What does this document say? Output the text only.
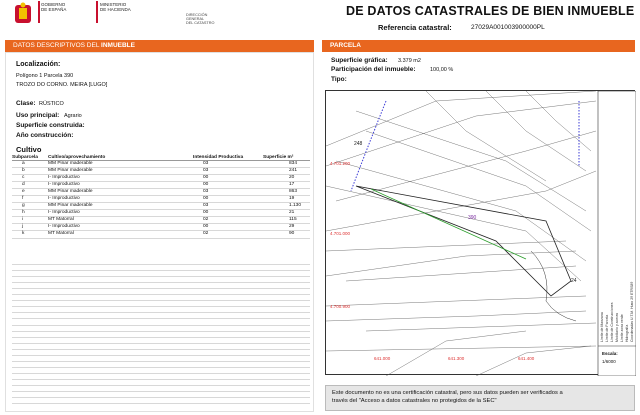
GOBIERNO
DE ESPAÑA
MINISTERIO
DE HACIENDA
DIRECCIÓN GENERAL
DEL CATASTRO
DE DATOS CATASTRALES DE BIEN INMUEBLE
Referencia catastral:	27029A001003900000PL
DATOS DESCRIPTIVOS DEL INMUEBLE
Localización:
Polígono 1 Parcela 390
TROZO DO CORNO. MEIRA [LUGO]
Clase: RÚSTICO
Uso principal: Agrario
Superficie construida:
Año construcción:
Cultivo
Subparcela	Cultivo/aprovechamiento	Intensidad Productiva	Superficie m²
a	MM Pinar maderable	03	834
b	MM Pinar maderable	03	241
c	I- Improductivo	00	20
d	I- Improductivo	00	17
e	MM Pinar maderable	03	863
f	I- Improductivo	00	19
g	MM Pinar maderable	03	1.130
h	I- Improductivo	00	21
i	MT Matorral	02	115
j	I- Improductivo	00	29
k	MT Matorral	02	90
PARCELA
Superficie gráfica: 3.379 m2
Participación del inmueble:	100,00 %
Tipo:
248
390
24
4.701.200
4.701.000
4.700.900
641.000	641.300	641.400
Límite de Manzana Límite de Parcela Límite de Construcciones Mobiliario y aceras Límite zona verde Hidrografía Coordenadas U.T.M. Huso 29 ETRS89
Escala:
1/6000
Este documento no es una certificación catastral, pero sus datos pueden ser verificados a
través del "Acceso a datos catastrales no protegidos de la SEC"
